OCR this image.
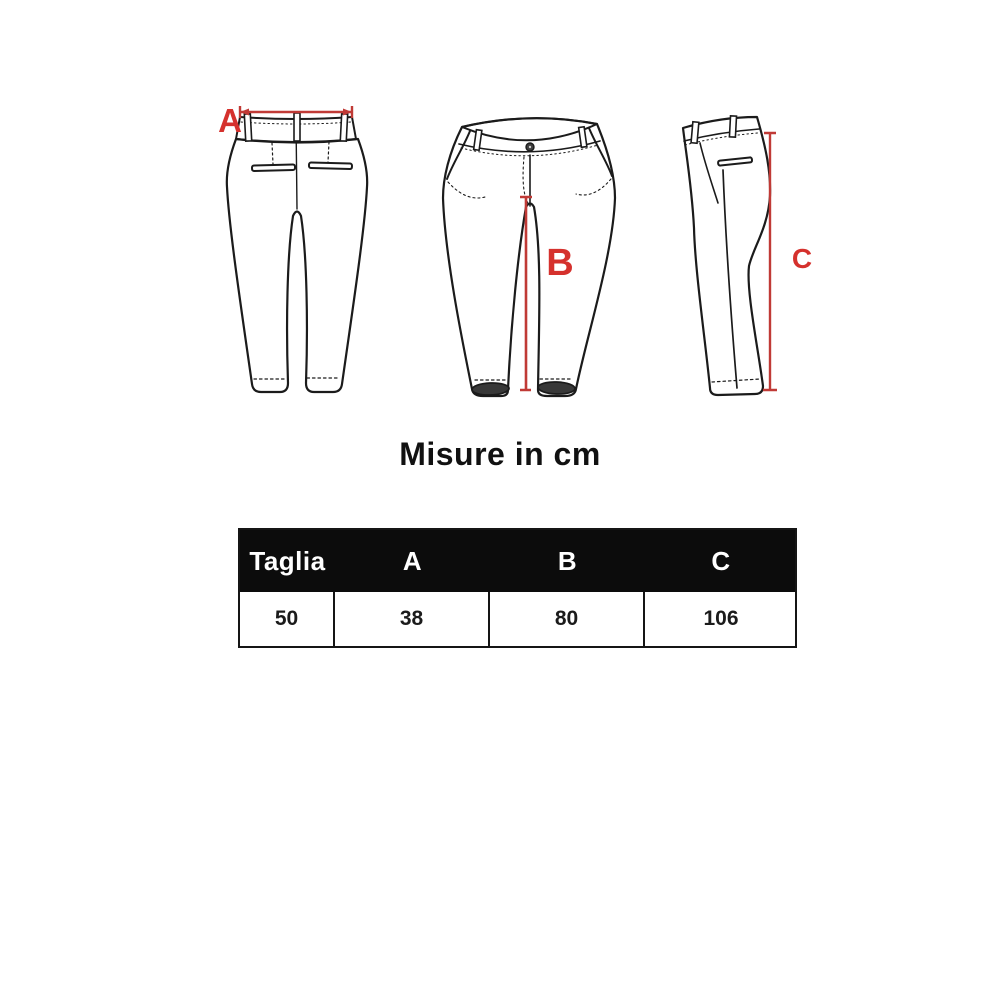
A
B	C
Misure in cm
Taglia	A	B	C
50	38	80	106
